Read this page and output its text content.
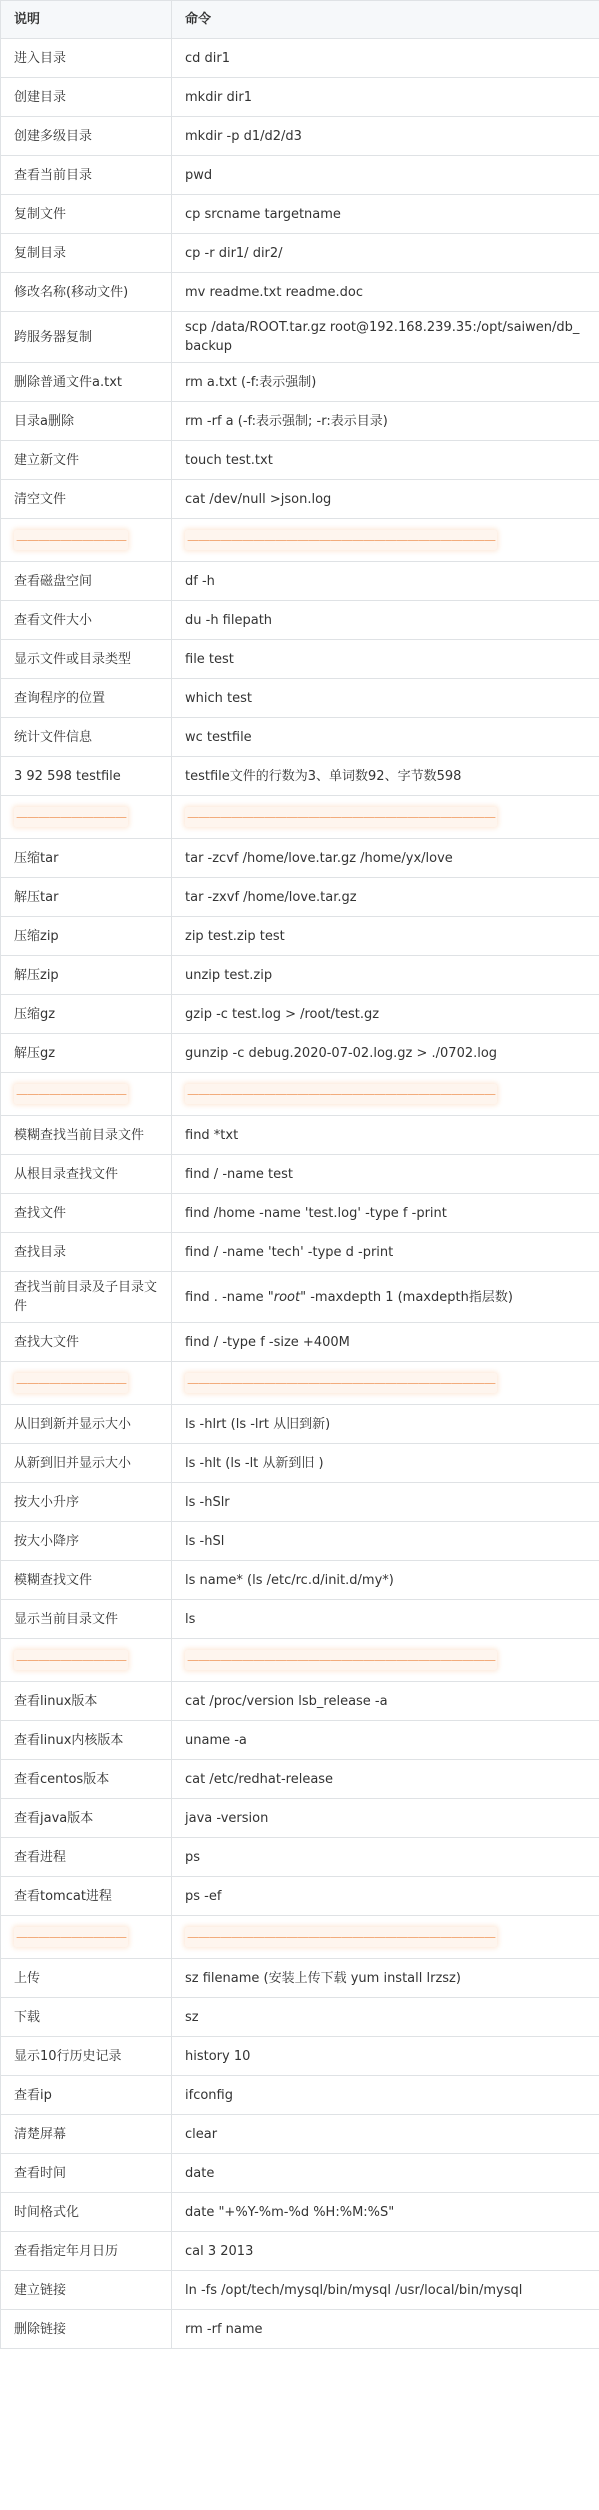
说明	命令
进入目录	cd dir1
创建目录	mkdir dir1
创建多级目录	mkdir -p d1/d2/d3
查看当前目录	pwd
复制文件	cp srcname targetname
复制目录	cp -r dir1/ dir2/
修改名称(移动文件)	mv readme.txt readme.doc
跨服务器复制	scp /data/ROOT.tar.gz root@192.168.239.35:/opt/saiwen/db_backup
删除普通文件a.txt	rm a.txt (-f:表示强制)
目录a删除	rm -rf a (-f:表示强制; -r:表示目录)
建立新文件	touch test.txt
清空文件	cat /dev/null >json.log
——————————	————————————————————————————
查看磁盘空间	df -h
查看文件大小	du -h filepath
显示文件或目录类型	file test
查询程序的位置	which test
统计文件信息	wc testfile
3 92 598 testfile	testfile文件的行数为3、单词数92、字节数598
——————————	————————————————————————————
压缩tar	tar -zcvf /home/love.tar.gz /home/yx/love
解压tar	tar -zxvf /home/love.tar.gz
压缩zip	zip test.zip test
解压zip	unzip test.zip
压缩gz	gzip -c test.log > /root/test.gz
解压gz	gunzip -c debug.2020-07-02.log.gz > ./0702.log
——————————	————————————————————————————
模糊查找当前目录文件	find *txt
从根目录查找文件	find / -name test
查找文件	find /home -name 'test.log' -type f -print
查找目录	find / -name 'tech' -type d -print
查找当前目录及子目录文件	find . -name "root" -maxdepth 1 (maxdepth指层数)
查找大文件	find / -type f -size +400M
——————————	————————————————————————————
从旧到新并显示大小	ls -hlrt (ls -lrt 从旧到新)
从新到旧并显示大小	ls -hlt (ls -lt 从新到旧 )
按大小升序	ls -hSlr
按大小降序	ls -hSl
模糊查找文件	ls name* (ls /etc/rc.d/init.d/my*)
显示当前目录文件	ls
——————————	————————————————————————————
查看linux版本	cat /proc/version lsb_release -a
查看linux内核版本	uname -a
查看centos版本	cat /etc/redhat-release
查看java版本	java -version
查看进程	ps
查看tomcat进程	ps -ef
——————————	————————————————————————————
上传	sz filename (安装上传下载 yum install lrzsz)
下载	sz
显示10行历史记录	history 10
查看ip	ifconfig
清楚屏幕	clear
查看时间	date
时间格式化	date "+%Y-%m-%d %H:%M:%S"
查看指定年月日历	cal 3 2013
建立链接	ln -fs /opt/tech/mysql/bin/mysql /usr/local/bin/mysql
删除链接	rm -rf name
